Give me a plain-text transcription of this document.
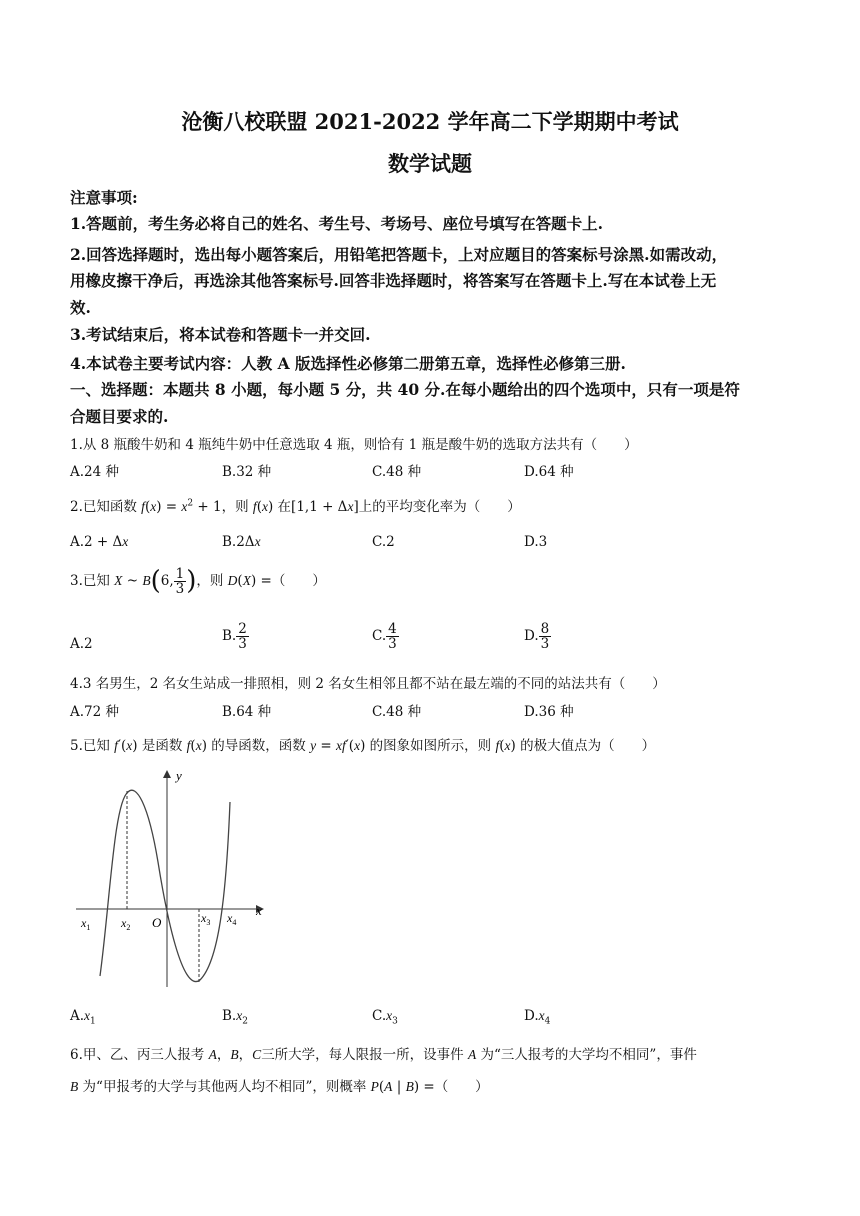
沧衡八校联盟 2021-2022 学年高二下学期期中考试
数学试题
注意事项:
1.答题前，考生务必将自己的姓名、考生号、考场号、座位号填写在答题卡上.
2.回答选择题时，选出每小题答案后，用铅笔把答题卡，上对应题目的答案标号涂黑.如需改动，
用橡皮擦干净后，再选涂其他答案标号.回答非选择题时，将答案写在答题卡上.写在本试卷上无
效.
3.考试结束后，将本试卷和答题卡一并交回.
4.本试卷主要考试内容：人教 A 版选择性必修第二册第五章，选择性必修第三册.
一、选择题：本题共 8 小题，每小题 5 分，共 40 分.在每小题给出的四个选项中，只有一项是符
合题目要求的.
1.从 8 瓶酸牛奶和 4 瓶纯牛奶中任意选取 4 瓶，则恰有 1 瓶是酸牛奶的选取方法共有（　　）
A.24 种	B.32 种	C.48 种	D.64 种
2.已知函数 $f(x) = x^2 + 1$，则 f(x) 在[1,1 + Δx]上的平均变化率为（　　）
A.2 + Δx	B.2Δx	C.2	D.3
3.已知 X ~ B(6, $\frac{1}{3}$ )，则 D(X) =（　　）
A.2	B. $\frac{2}{3}$	C. $\frac{4}{3}$	D. $\frac{8}{3}$
4.3 名男生，2 名女生站成一排照相，则 2 名女生相邻且都不站在最左端的不同的站法共有（　　）
A.72 种	B.64 种	C.48 种	D.36 种
5.已知 f′(x) 是函数 f(x) 的导函数，函数 y = xf′(x) 的图象如图所示，则 f(x) 的极大值点为（　　）
y
x
O
$x_1$	$x_2$
$x_3$ $x_4$
$A.x_1$	$B.x_2$	$C.x_3$	$D.x_4$
6.甲、乙、丙三人报考 A，B，C三所大学，每人限报一所，设事件 A 为“三人报考的大学均不相同”，事件
B 为“甲报考的大学与其他两人均不相同”，则概率 P(A | B) =（　　）
